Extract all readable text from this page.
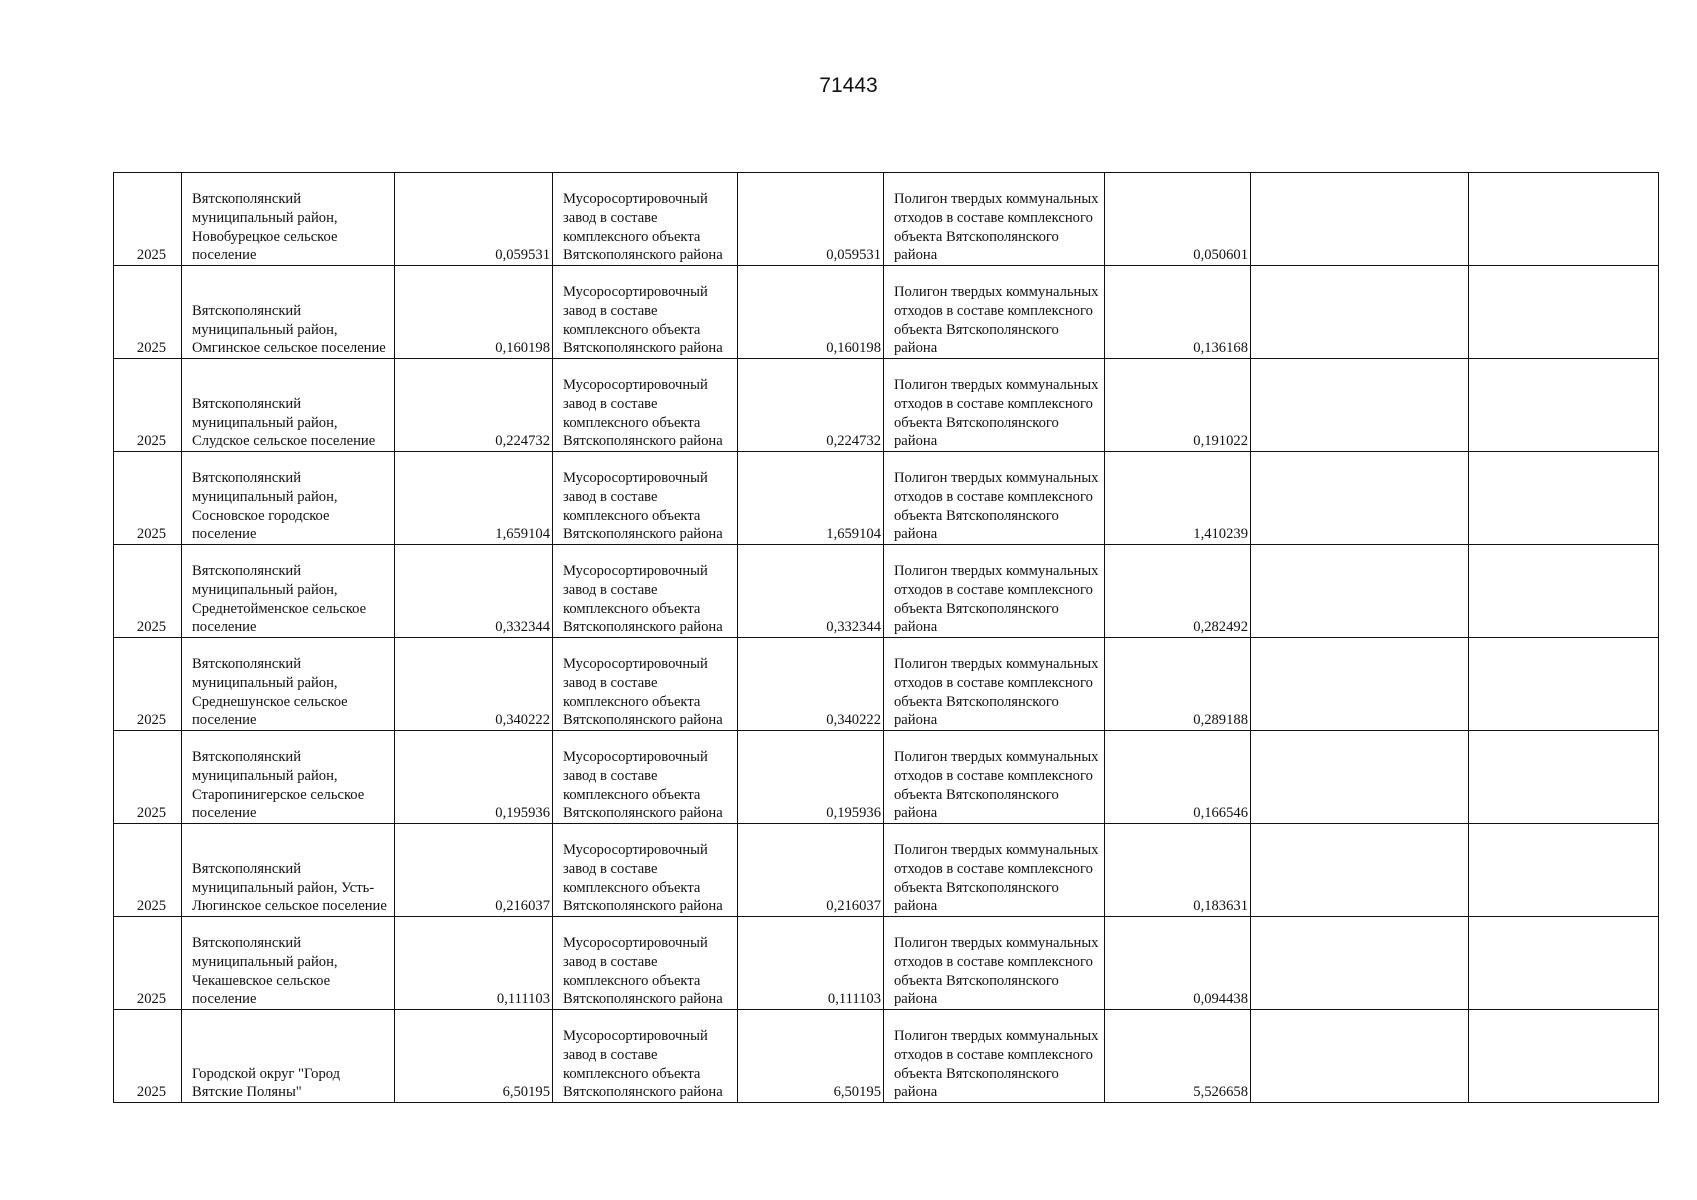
71443
2025	Вятскополянский муниципальный район, Новобурецкое сельское поселение	0,059531	Мусоросортировочный завод в составе комплексного объекта Вятскополянского района	0,059531	Полигон твердых коммунальных отходов в составе комплексного объекта Вятскополянского района	0,050601		
2025	Вятскополянский муниципальный район, Омгинское сельское поселение	0,160198	Мусоросортировочный завод в составе комплексного объекта Вятскополянского района	0,160198	Полигон твердых коммунальных отходов в составе комплексного объекта Вятскополянского района	0,136168		
2025	Вятскополянский муниципальный район, Слудское сельское поселение	0,224732	Мусоросортировочный завод в составе комплексного объекта Вятскополянского района	0,224732	Полигон твердых коммунальных отходов в составе комплексного объекта Вятскополянского района	0,191022		
2025	Вятскополянский муниципальный район, Сосновское городское поселение	1,659104	Мусоросортировочный завод в составе комплексного объекта Вятскополянского района	1,659104	Полигон твердых коммунальных отходов в составе комплексного объекта Вятскополянского района	1,410239		
2025	Вятскополянский муниципальный район, Среднетойменское сельское поселение	0,332344	Мусоросортировочный завод в составе комплексного объекта Вятскополянского района	0,332344	Полигон твердых коммунальных отходов в составе комплексного объекта Вятскополянского района	0,282492		
2025	Вятскополянский муниципальный район, Среднешунское сельское поселение	0,340222	Мусоросортировочный завод в составе комплексного объекта Вятскополянского района	0,340222	Полигон твердых коммунальных отходов в составе комплексного объекта Вятскополянского района	0,289188		
2025	Вятскополянский муниципальный район, Старопинигерское сельское поселение	0,195936	Мусоросортировочный завод в составе комплексного объекта Вятскополянского района	0,195936	Полигон твердых коммунальных отходов в составе комплексного объекта Вятскополянского района	0,166546		
2025	Вятскополянский муниципальный район, Усть-Люгинское сельское поселение	0,216037	Мусоросортировочный завод в составе комплексного объекта Вятскополянского района	0,216037	Полигон твердых коммунальных отходов в составе комплексного объекта Вятскополянского района	0,183631		
2025	Вятскополянский муниципальный район, Чекашевское сельское поселение	0,111103	Мусоросортировочный завод в составе комплексного объекта Вятскополянского района	0,111103	Полигон твердых коммунальных отходов в составе комплексного объекта Вятскополянского района	0,094438		
2025	Городской округ "Город Вятские Поляны"	6,50195	Мусоросортировочный завод в составе комплексного объекта Вятскополянского района	6,50195	Полигон твердых коммунальных отходов в составе комплексного объекта Вятскополянского района	5,526658		
